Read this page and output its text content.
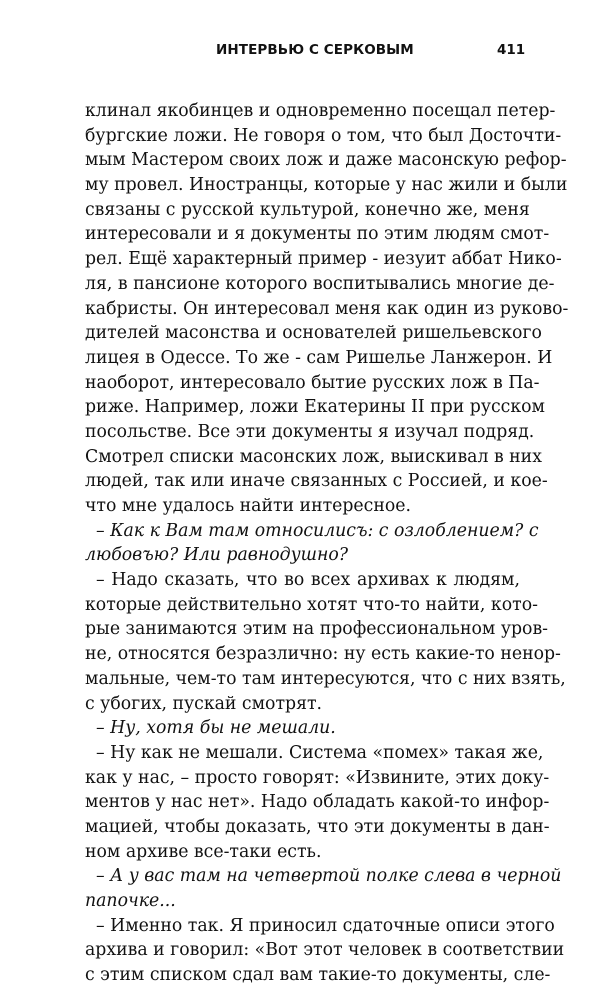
ИНТЕРВЬЮ С СЕРКОВЫМ	411
клинал якобинцев и одновременно посещал петер-
бургские ложи. Не говоря о том, что был Досточти-
мым Мастером своих лож и даже масонскую рефор-
му провел. Иностранцы, которые у нас жили и были
связаны с русской культурой, конечно же, меня
интересовали и я документы по этим людям смот-
рел. Ещё характерный пример - иезуит аббат Нико-
ля, в пансионе которого воспитывались многие де-
кабристы. Он интересовал меня как один из руково-
дителей масонства и основателей ришельевского
лицея в Одессе. То же - сам Ришелье Ланжерон. И
наоборот, интересовало бытие русских лож в Па-
риже. Например, ложи Екатерины II при русском
посольстве. Все эти документы я изучал подряд.
Смотрел списки масонских лож, выискивал в них
людей, так или иначе связанных с Россией, и кое-
что мне удалось найти интересное.
– Как к Вам там относилисъ: с озлоблением? с
любовъю? Или равнодушно?
– Надо сказать, что во всех архивах к людям,
которые действительно хотят что-то найти, кото-
рые занимаются этим на профессиональном уров-
не, относятся безразлично: ну есть какие-то ненор-
мальные, чем-то там интересуются, что с них взять,
с убогих, пускай смотрят.
– Ну, хотя бы не мешали.
– Ну как не мешали. Система «помех» такая же,
как у нас, – просто говорят: «Извините, этих доку-
ментов у нас нет». Надо обладать какой-то инфор-
мацией, чтобы доказать, что эти документы в дан-
ном архиве все-таки есть.
– А у вас там на четвертой полке слева в черной
папочке...
– Именно так. Я приносил сдаточные описи этого
архива и говорил: «Вот этот человек в соответствии
с этим списком сдал вам такие-то документы, сле-
